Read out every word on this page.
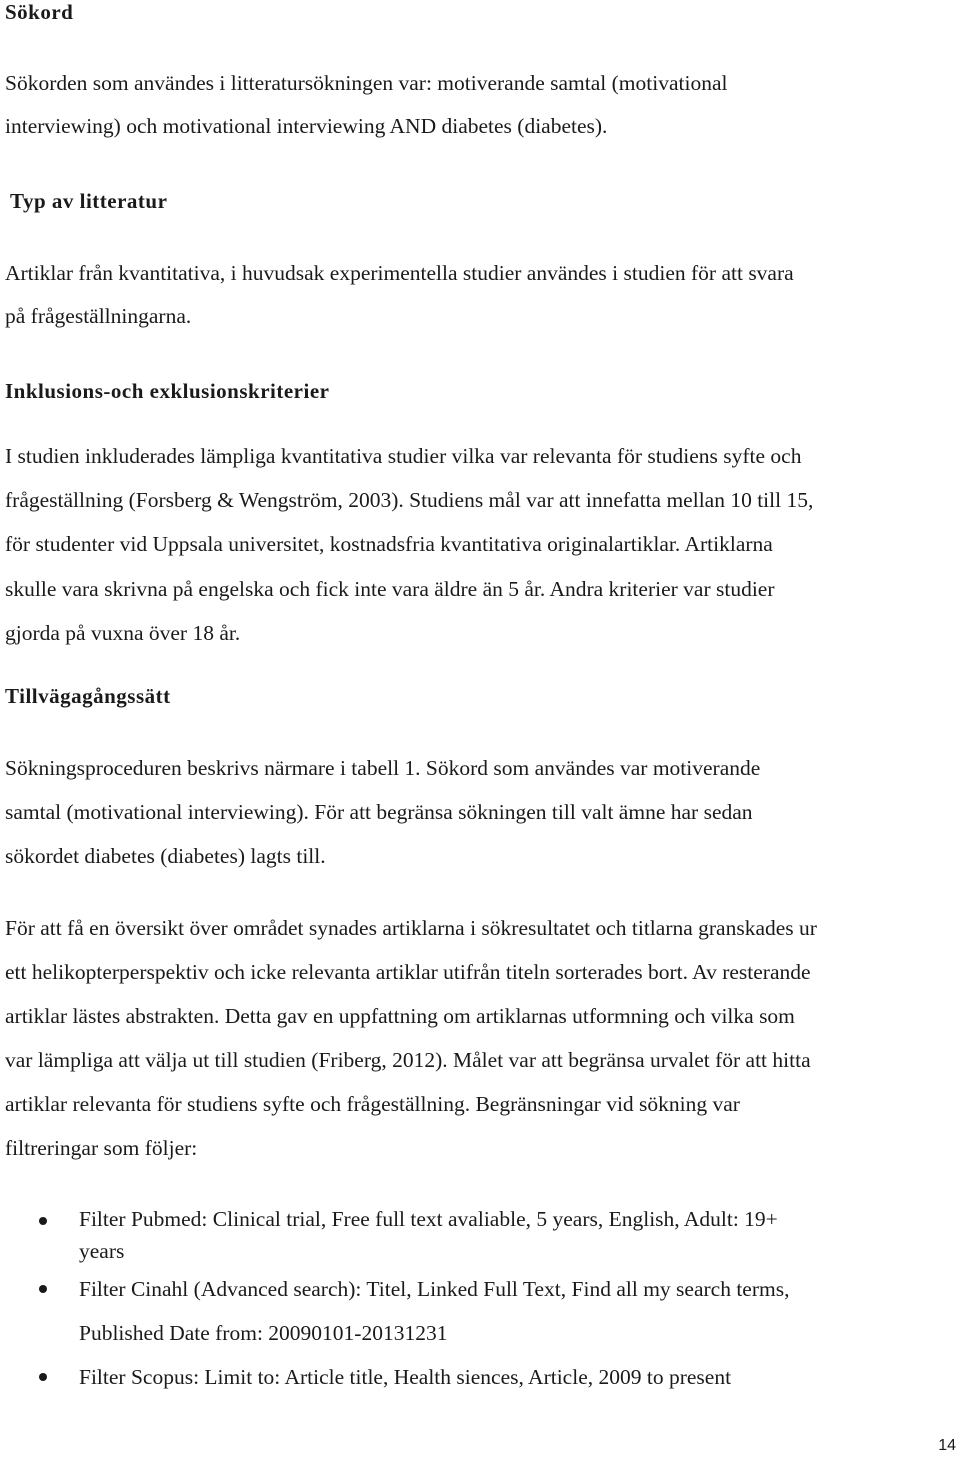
Sökord
Sökorden som användes i litteratursökningen var: motiverande samtal (motivational
interviewing) och motivational interviewing AND diabetes (diabetes).
Typ av litteratur
Artiklar från kvantitativa, i huvudsak experimentella studier användes i studien för att svara
på frågeställningarna.
Inklusions-och exklusionskriterier
I studien inkluderades lämpliga kvantitativa studier vilka var relevanta för studiens syfte och
frågeställning (Forsberg & Wengström, 2003). Studiens mål var att innefatta mellan 10 till 15,
för studenter vid Uppsala universitet, kostnadsfria kvantitativa originalartiklar. Artiklarna
skulle vara skrivna på engelska och fick inte vara äldre än 5 år. Andra kriterier var studier
gjorda på vuxna över 18 år.
Tillvägagångssätt
Sökningsproceduren beskrivs närmare i tabell 1. Sökord som användes var motiverande
samtal (motivational interviewing). För att begränsa sökningen till valt ämne har sedan
sökordet diabetes (diabetes) lagts till.
För att få en översikt över området synades artiklarna i sökresultatet och titlarna granskades ur
ett helikopterperspektiv och icke relevanta artiklar utifrån titeln sorterades bort. Av resterande
artiklar lästes abstrakten. Detta gav en uppfattning om artiklarnas utformning och vilka som
var lämpliga att välja ut till studien (Friberg, 2012). Målet var att begränsa urvalet för att hitta
artiklar relevanta för studiens syfte och frågeställning. Begränsningar vid sökning var
filtreringar som följer:
Filter Pubmed: Clinical trial, Free full text avaliable, 5 years, English, Adult: 19+
years
Filter Cinahl (Advanced search): Titel, Linked Full Text, Find all my search terms,
Published Date from: 20090101-20131231
Filter Scopus: Limit to: Article title, Health siences, Article, 2009 to present
14
